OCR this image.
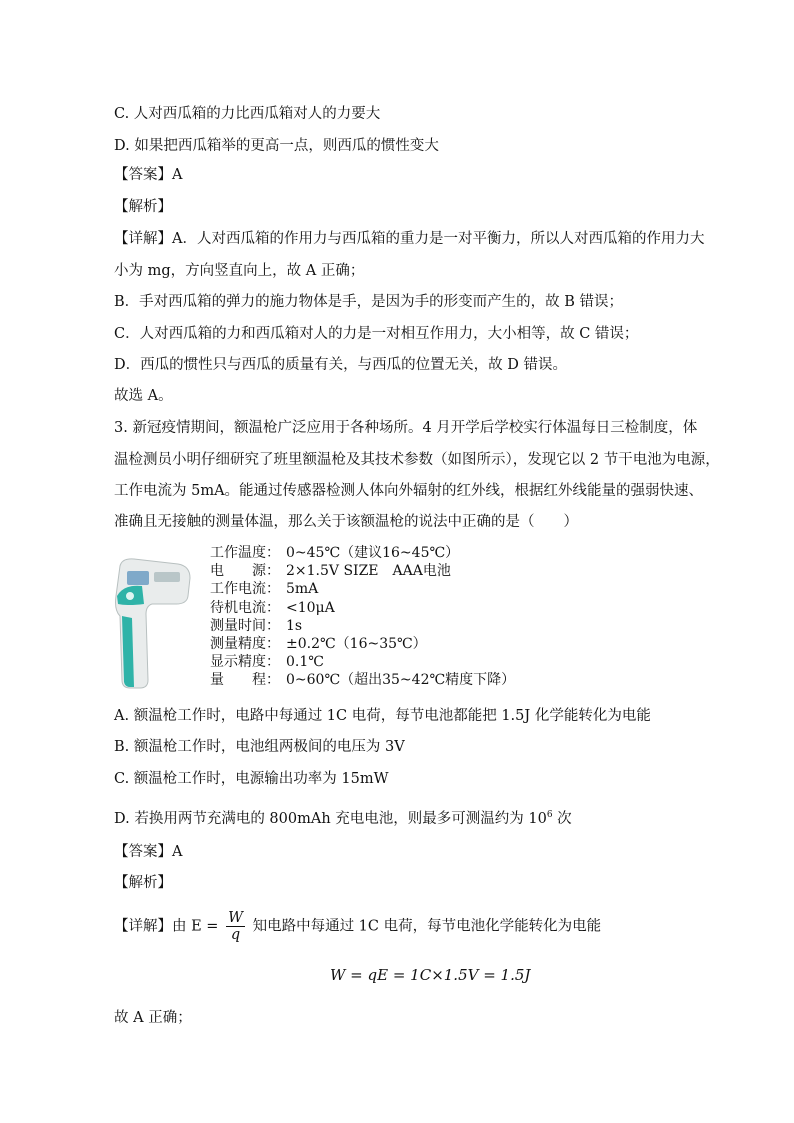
C. 人对西瓜箱的力比西瓜箱对人的力要大
D. 如果把西瓜箱举的更高一点，则西瓜的惯性变大
【答案】A
【解析】
【详解】A．人对西瓜箱的作用力与西瓜箱的重力是一对平衡力，所以人对西瓜箱的作用力大
小为 mg，方向竖直向上，故 A 正确；
B．手对西瓜箱的弹力的施力物体是手，是因为手的形变而产生的，故 B 错误；
C．人对西瓜箱的力和西瓜箱对人的力是一对相互作用力，大小相等，故 C 错误；
D．西瓜的惯性只与西瓜的质量有关，与西瓜的位置无关，故 D 错误。
故选 A。
3. 新冠疫情期间，额温枪广泛应用于各种场所。4 月开学后学校实行体温每日三检制度，体
温检测员小明仔细研究了班里额温枪及其技术参数（如图所示），发现它以 2 节干电池为电源，
工作电流为 5mA。能通过传感器检测人体向外辐射的红外线，根据红外线能量的强弱快速、
准确且无接触的测量体温，那么关于该额温枪的说法中正确的是（　　）
工作温度： 0~45℃（建议16~45℃）
电　　源： 2×1.5V SIZE　AAA电池
工作电流： 5mA
待机电流： <10μA
测量时间： 1s
测量精度： ±0.2℃（16~35℃）
显示精度： 0.1℃
量　　程： 0~60℃（超出35~42℃精度下降）
A. 额温枪工作时，电路中每通过 1C 电荷，每节电池都能把 1.5J 化学能转化为电能
B. 额温枪工作时，电池组两极间的电压为 3V
C. 额温枪工作时，电源输出功率为 15mW
D. 若换用两节充满电的 800mAh 充电电池，则最多可测温约为 $10^6$ 次
【答案】A
【解析】
【详解】由 $E = \frac{W}{q}$ 知电路中每通过 1C 电荷，每节电池化学能转化为电能
W = qE = 1C×1.5V = 1.5J
故 A 正确；
